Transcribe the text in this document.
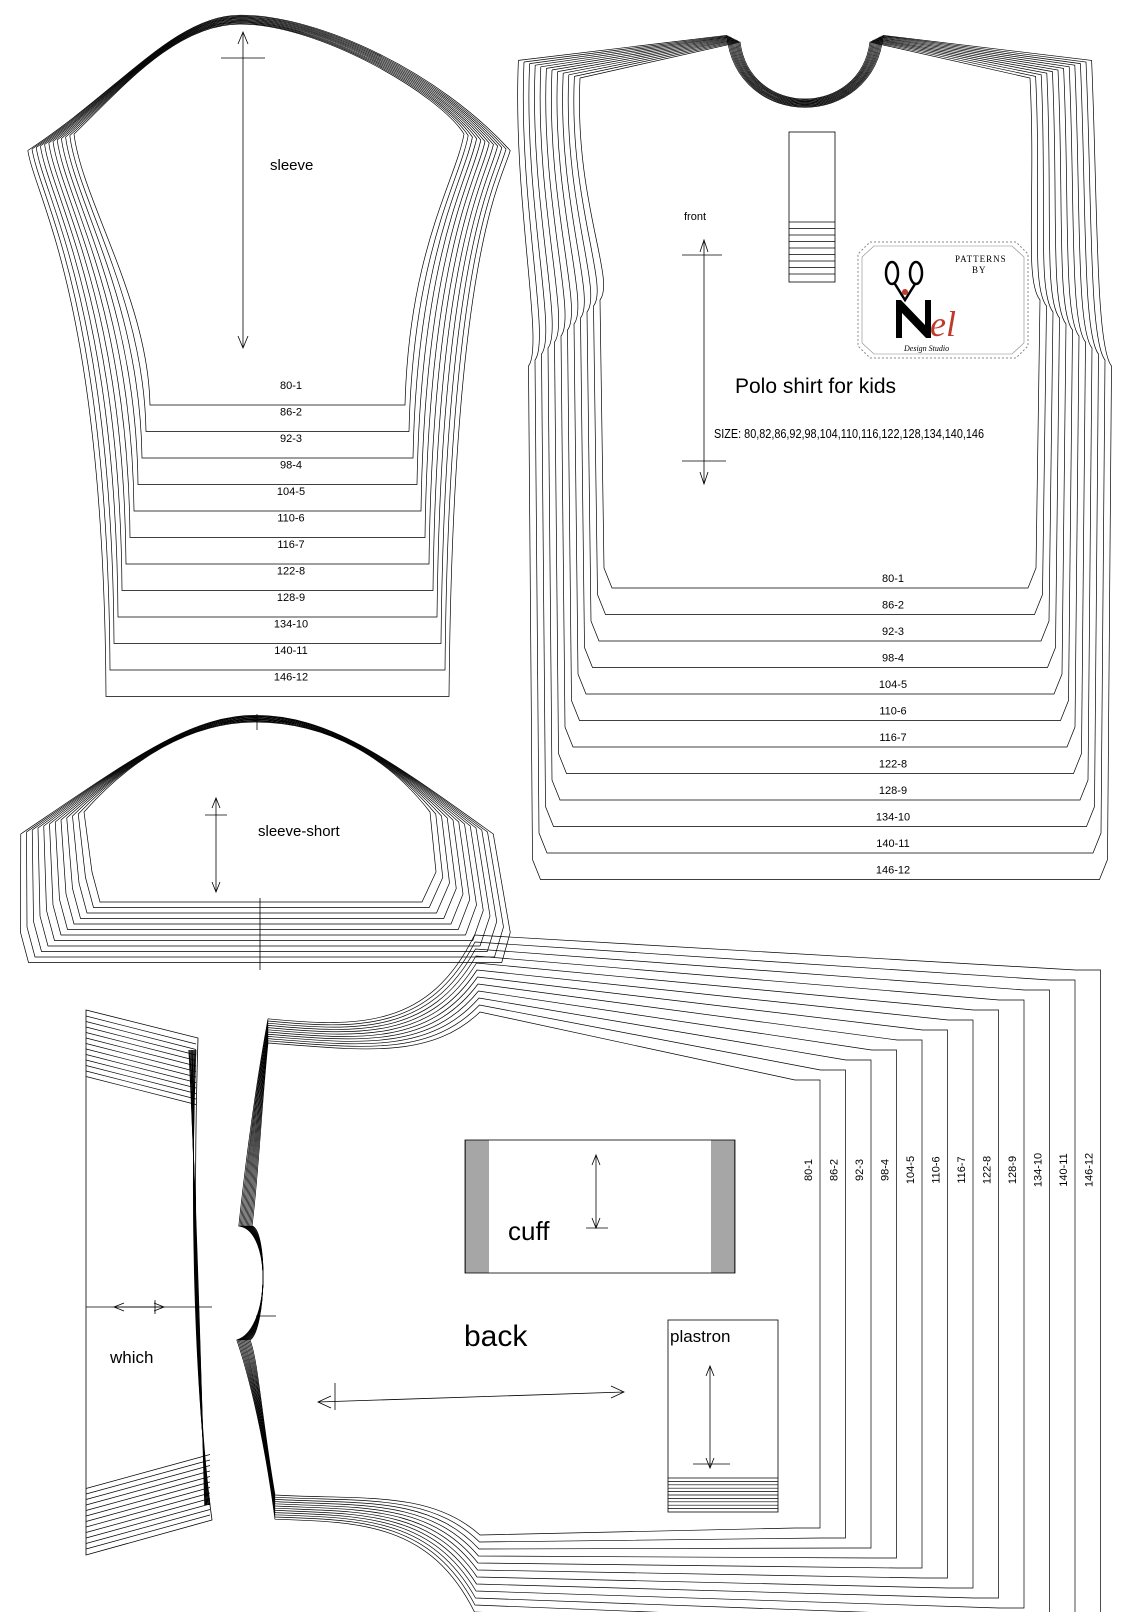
PATTERNS
BY
el
Design Studio
sleeve
sleeve-short
front
Polo shirt for kids
SIZE: 80,82,86,92,98,104,110,116,122,128,134,140,146
back
cuff
plastron
which
80-1
86-2
92-3
98-4
104-5
110-6
116-7
122-8
128-9
134-10
140-11
146-12
80-1
86-2
92-3
98-4
104-5
110-6
116-7
122-8
128-9
134-10
140-11
146-12
80-1 86-2 92-3 98-4 104-5 110-6 116-7 122-8 128-9 134-10 140-11 146-12
